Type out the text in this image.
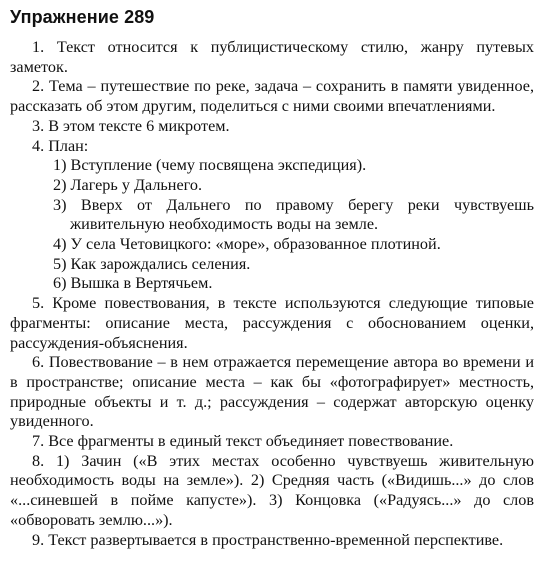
Упражнение 289

1. Текст относится к публицистическому стилю, жанру путевых заметок.

2. Тема – путешествие по реке, задача – сохранить в памяти увиденное, рассказать об этом другим, поделиться с ними своими впечатлениями.

3. В этом тексте 6 микротем.

4. План:

1) Вступление (чему посвящена экспедиция).
2) Лагерь у Дальнего.
3) Вверх от Дальнего по правому берегу реки чувствуешь живительную необходимость воды на земле.
4) У села Четовицкого: «море», образованное плотиной.
5) Как зарождались селения.
6) Вышка в Вертячьем.

5. Кроме повествования, в тексте используются следующие типовые фрагменты: описание места, рассуждения с обоснованием оценки, рассуждения-объяснения.

6. Повествование – в нем отражается перемещение автора во времени и в пространстве; описание места – как бы «фотографирует» местность, природные объекты и т. д.; рассуждения – содержат авторскую оценку увиденного.

7. Все фрагменты в единый текст объединяет повествование.

8. 1) Зачин («В этих местах особенно чувствуешь живительную необходимость воды на земле»). 2) Средняя часть («Видишь...» до слов «...синевшей в пойме капусте»). 3) Концовка («Радуясь...» до слов «обворовать землю...»).

9. Текст развертывается в пространственно-временной перспективе.
